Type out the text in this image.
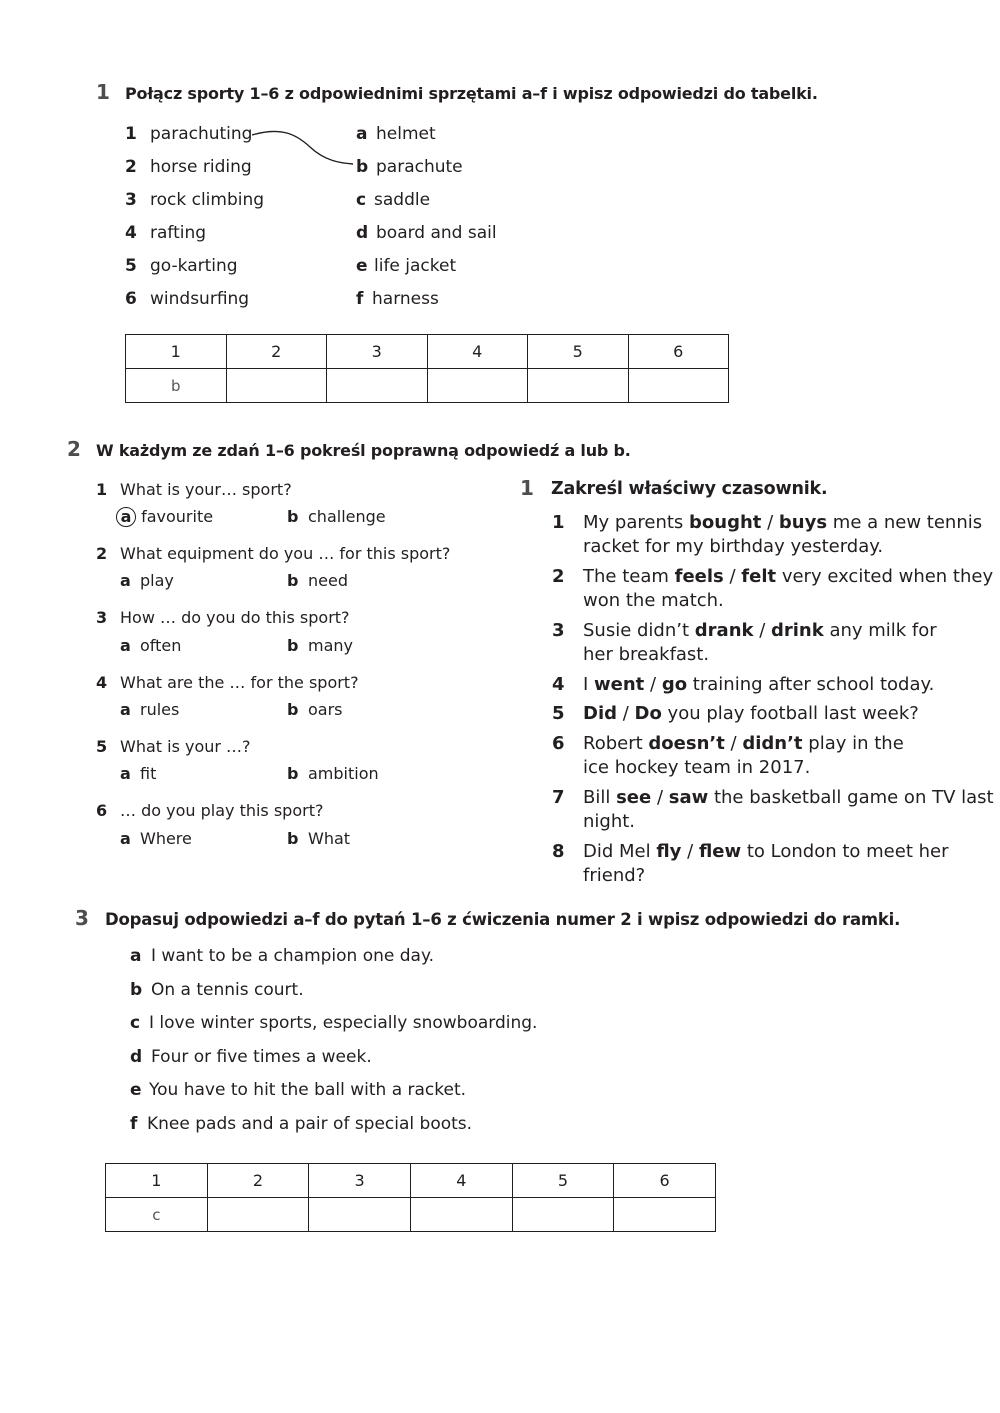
1 Połącz sporty 1–6 z odpowiednimi sprzętami a–f i wpisz odpowiedzi do tabelki.
1 parachuting
2 horse riding
3 rock climbing
4 rafting
5 go-karting
6 windsurfing
a helmet
b parachute
c saddle
d board and sail
e life jacket
f harness
1	2	3	4	5	6
b					
2 W każdym ze zdań 1–6 pokreśl poprawną odpowiedź a lub b.
1 What is your… sport?
a favourite	b challenge
2 What equipment do you … for this sport?
a play	b need
3 How … do you do this sport?
a often	b many
4 What are the … for the sport?
a rules	b oars
5 What is your …?
a fit	b ambition
6 … do you play this sport?
a Where	b What
1 Zakreśl właściwy czasownik.
1 My parents bought / buys me a new tennis
racket for my birthday yesterday.
2 The team feels / felt very excited when they
won the match.
3 Susie didn’t drank / drink any milk for
her breakfast.
4 I went / go training after school today.
5 Did / Do you play football last week?
6 Robert doesn’t / didn’t play in the
ice hockey team in 2017.
7 Bill see / saw the basketball game on TV last
night.
8 Did Mel fly / flew to London to meet her
friend?
3 Dopasuj odpowiedzi a–f do pytań 1–6 z ćwiczenia numer 2 i wpisz odpowiedzi do ramki.
a I want to be a champion one day.
b On a tennis court.
c I love winter sports, especially snowboarding.
d Four or five times a week.
e You have to hit the ball with a racket.
f Knee pads and a pair of special boots.
1	2	3	4	5	6
c					
